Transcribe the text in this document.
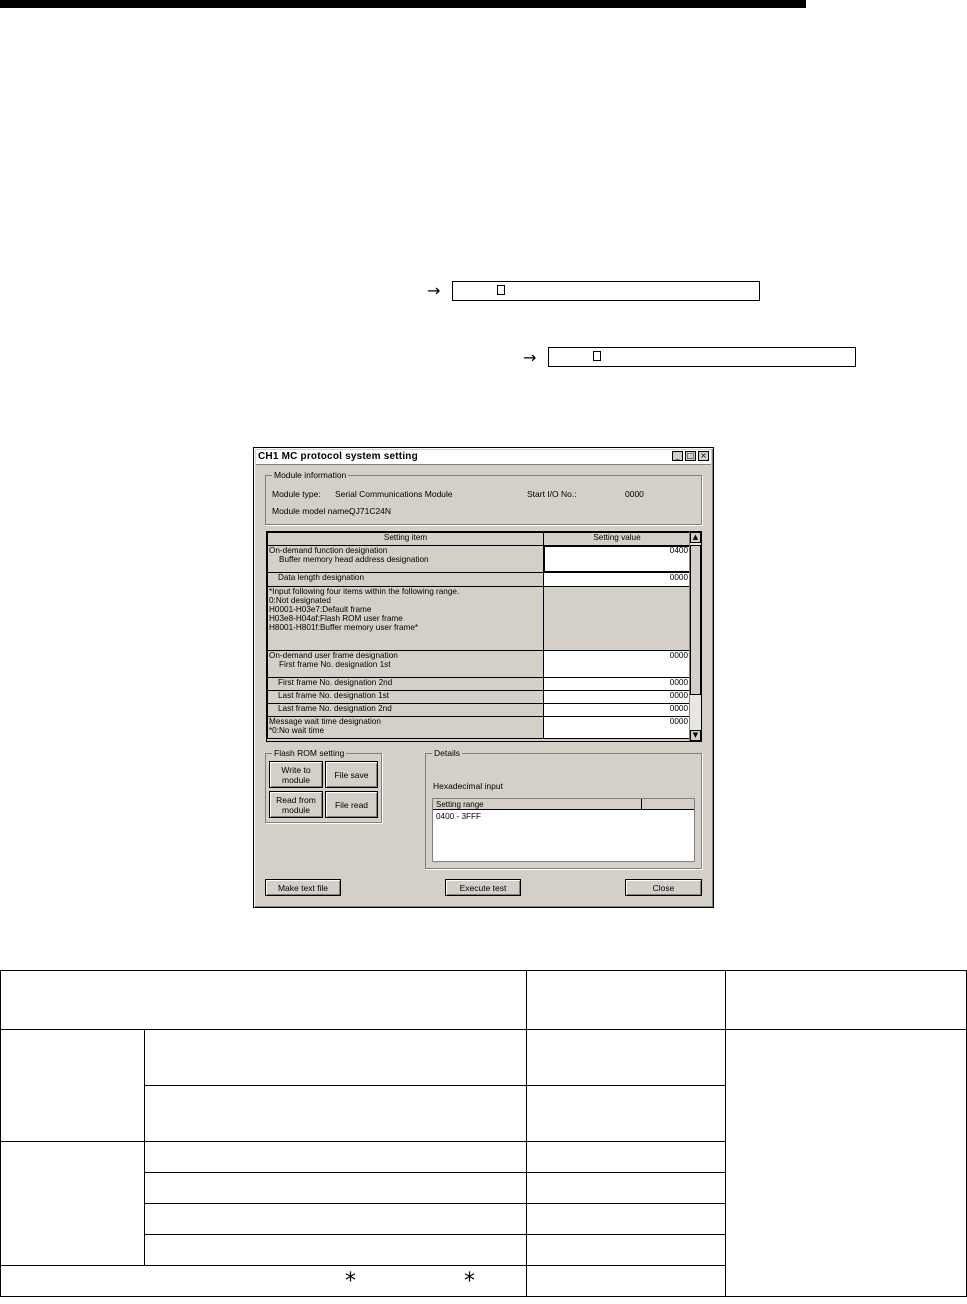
→
→
CH1 MC protocol system setting	_ □ ×
Module information
Module type: Serial Communications Module	Start I/O No.:	0000
Module model name:
QJ71C24N
Setting item	Setting value

On-demand function designation
Buffer memory head address designation	0400
Data length designation	0000

*Input following four items within the following range.
0:Not designated
H0001-H03e7:Default frame
H03e8-H04af:Flash ROM user frame
H8001-H801f:Buffer memory user frame*	

On-demand user frame designation
First frame No. designation 1st	0000
First frame No. designation 2nd	0000
Last frame No. designation 1st	0000
Last frame No. designation 2nd	0000

Message wait time designation
*0:No wait time	0000
▲
▼
Flash ROM setting
Write to
module	File save
Read from
module	File read
Details
Hexadecimal input
Setting range
0400 - 3FFF
Make text file	Execute test	Close

* *			
